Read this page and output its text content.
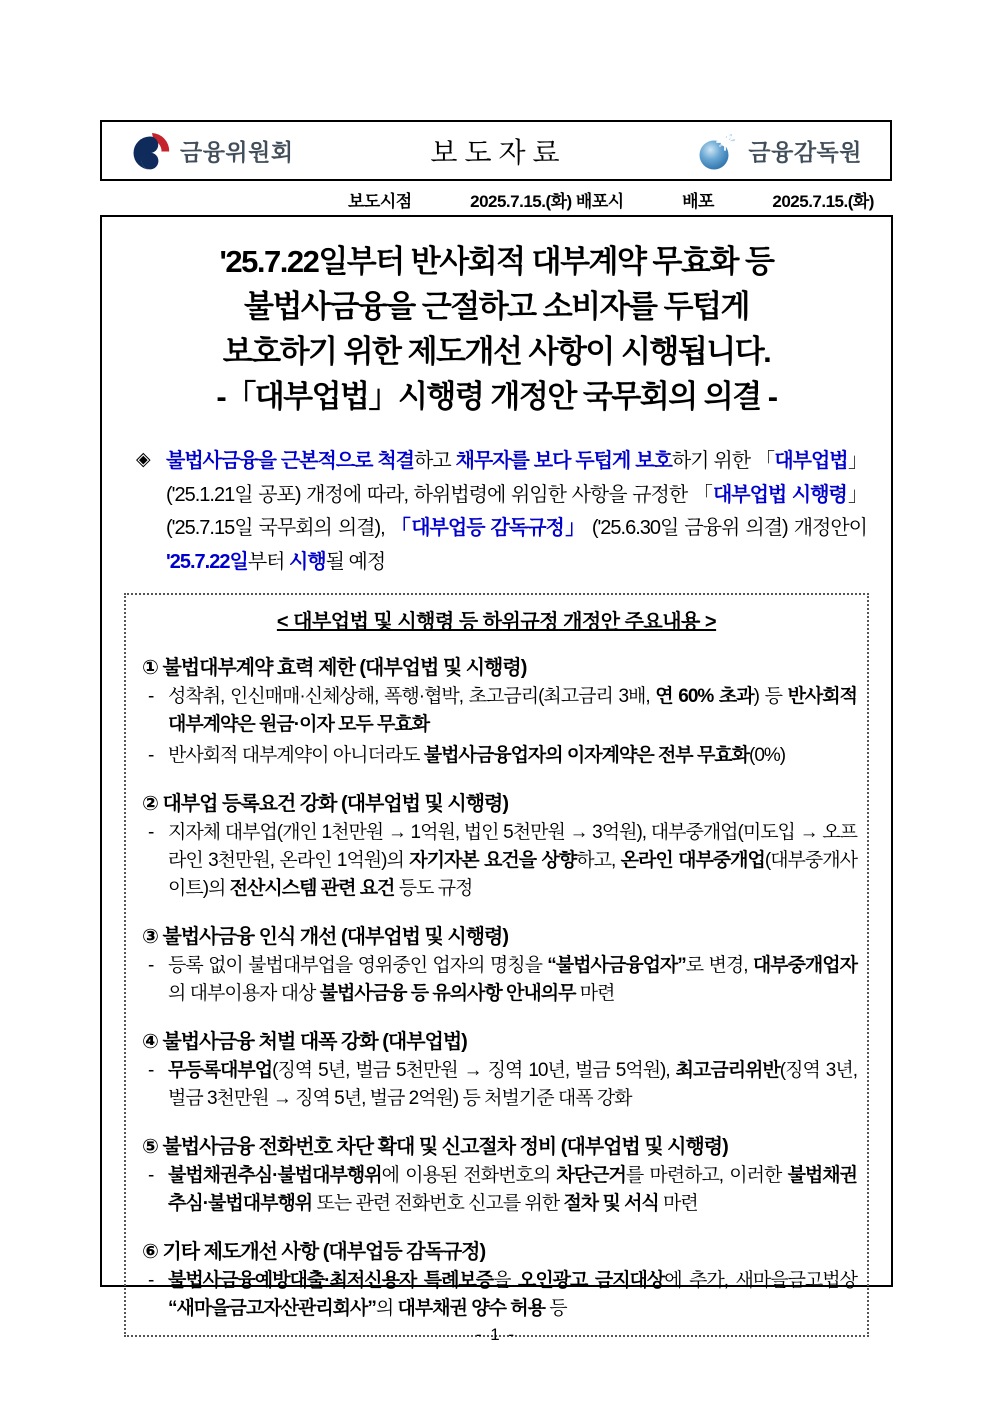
금융위원회	보도자료	금융감독원
보도시점	2025.7.15.(화) 배포시	배포	2025.7.15.(화)
'25.7.22일부터 반사회적 대부계약 무효화 등
불법사금융을 근절하고 소비자를 두텁게
보호하기 위한 제도개선 사항이 시행됩니다.
-「대부업법」시행령 개정안 국무회의 의결 -
◈ 불법사금융을 근본적으로 척결하고 채무자를 보다 두텁게 보호하기 위한 「대부업법」 ('25.1.21일 공포) 개정에 따라, 하위법령에 위임한 사항을 규정한 「대부업법 시행령」 ('25.7.15일 국무회의 의결), 「대부업등 감독규정」 ('25.6.30일 금융위 의결) 개정안이 '25.7.22일부터 시행될 예정
< 대부업법 및 시행령 등 하위규정 개정안 주요내용 >
① 불법대부계약 효력 제한 (대부업법 및 시행령)
- 성착취, 인신매매·신체상해, 폭행·협박, 초고금리(최고금리 3배, 연 60% 초과) 등 반사회적 대부계약은 원금·이자 모두 무효화
- 반사회적 대부계약이 아니더라도 불법사금융업자의 이자계약은 전부 무효화(0%)
② 대부업 등록요건 강화 (대부업법 및 시행령)
- 지자체 대부업(개인 1천만원 → 1억원, 법인 5천만원 → 3억원), 대부중개업(미도입 → 오프라인 3천만원, 온라인 1억원)의 자기자본 요건을 상향하고, 온라인 대부중개업(대부중개사이트)의 전산시스템 관련 요건 등도 규정
③ 불법사금융 인식 개선 (대부업법 및 시행령)
- 등록 없이 불법대부업을 영위중인 업자의 명칭을 “불법사금융업자”로 변경, 대부중개업자의 대부이용자 대상 불법사금융 등 유의사항 안내의무 마련
④ 불법사금융 처벌 대폭 강화 (대부업법)
- 무등록대부업(징역 5년, 벌금 5천만원 → 징역 10년, 벌금 5억원), 최고금리위반(징역 3년, 벌금 3천만원 → 징역 5년, 벌금 2억원) 등 처벌기준 대폭 강화
⑤ 불법사금융 전화번호 차단 확대 및 신고절차 정비 (대부업법 및 시행령)
- 불법채권추심·불법대부행위에 이용된 전화번호의 차단근거를 마련하고, 이러한 불법채권추심·불법대부행위 또는 관련 전화번호 신고를 위한 절차 및 서식 마련
⑥ 기타 제도개선 사항 (대부업등 감독규정)
- 불법사금융예방대출·최저신용자 특례보증을 오인광고 금지대상에 추가, 새마을금고법상 “새마을금고자산관리회사”의 대부채권 양수 허용 등
- 1 -
